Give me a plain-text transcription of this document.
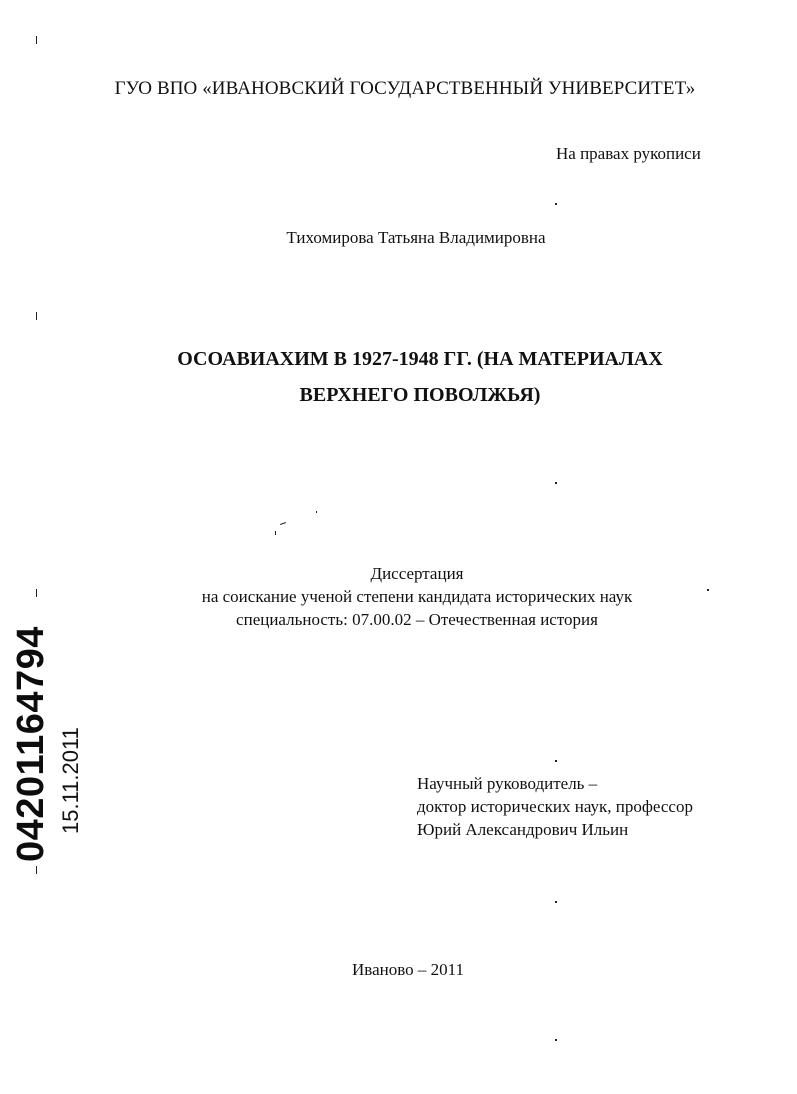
ГУО ВПО «ИВАНОВСКИЙ ГОСУДАРСТВЕННЫЙ УНИВЕРСИТЕТ»
На правах рукописи
Тихомирова Татьяна Владимировна
ОСОАВИАХИМ В 1927-1948 ГГ. (НА МАТЕРИАЛАХ
ВЕРХНЕГО ПОВОЛЖЬЯ)
Диссертация
на соискание ученой степени кандидата исторических наук
специальность: 07.00.02 – Отечественная история
Научный руководитель –
доктор исторических наук, профессор
Юрий Александрович Ильин
Иваново – 2011
04201164794 15.11.2011
